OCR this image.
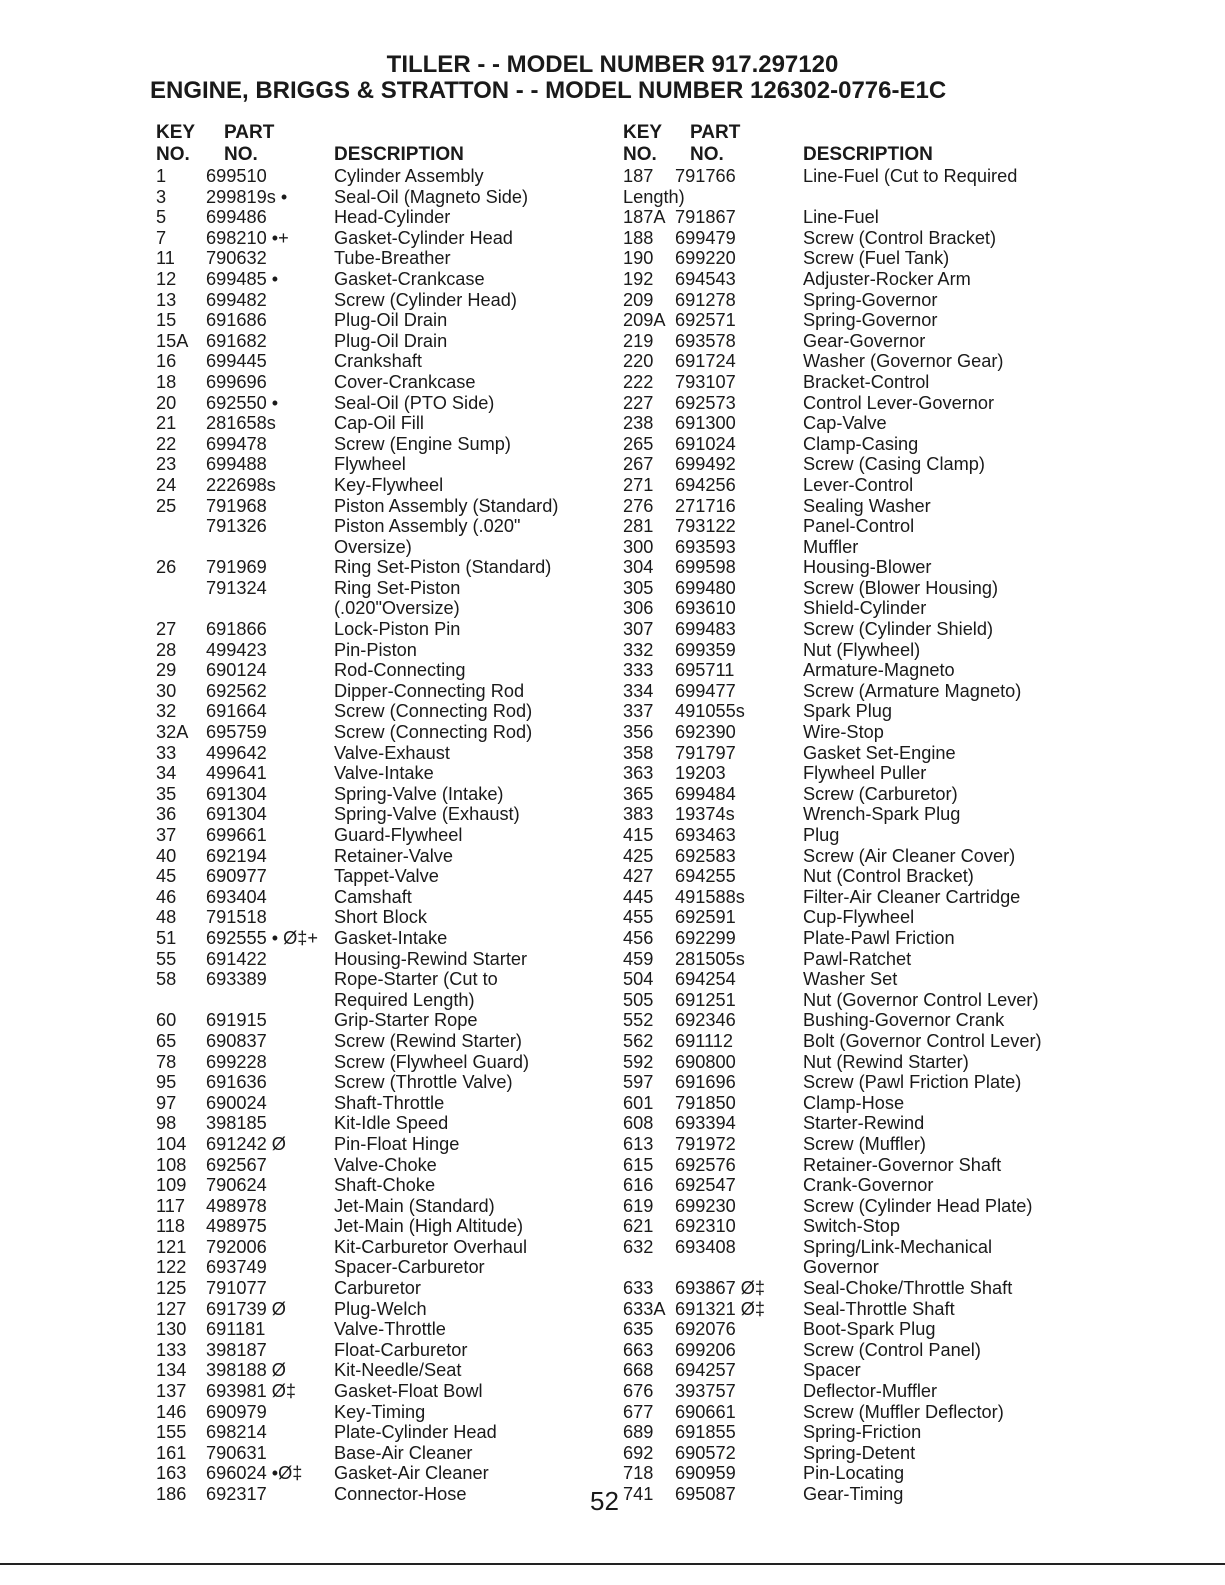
TILLER - - MODEL NUMBER 917.297120
ENGINE, BRIGGS & STRATTON - - MODEL NUMBER 126302-0776-E1C
KEY
NO.
PART
NO.	DESCRIPTION
1 699510	Cylinder Assembly
3 299819s •	Seal-Oil (Magneto Side)
5 699486	Head-Cylinder
7 698210 •+ Gasket-Cylinder Head
11 790632	Tube-Breather
12 699485 •	Gasket-Crankcase
13 699482	Screw (Cylinder Head)
15 691686	Plug-Oil Drain
15A 691682	Plug-Oil Drain
16 699445	Crankshaft
18 699696	Cover-Crankcase
20 692550 •	Seal-Oil (PTO Side)
21 281658s	Cap-Oil Fill
22 699478	Screw (Engine Sump)
23 699488	Flywheel
24 222698s	Key-Flywheel
25 791968	Piston Assembly (Standard)
791326	Piston Assembly (.020"
Oversize)
26 791969	Ring Set-Piston (Standard)
791324	Ring Set-Piston
(.020"Oversize)
27 691866	Lock-Piston Pin
28 499423	Pin-Piston
29 690124	Rod-Connecting
30 692562	Dipper-Connecting Rod
32 691664	Screw (Connecting Rod)
32A 695759	Screw (Connecting Rod)
33 499642	Valve-Exhaust
34 499641	Valve-Intake
35 691304	Spring-Valve (Intake)
36 691304	Spring-Valve (Exhaust)
37 699661	Guard-Flywheel
40 692194	Retainer-Valve
45 690977	Tappet-Valve
46 693404	Camshaft
48 791518	Short Block
51 692555 • Ø‡+ Gasket-Intake
55 691422	Housing-Rewind Starter
58 693389	Rope-Starter (Cut to
Required Length)
60 691915	Grip-Starter Rope
65 690837	Screw (Rewind Starter)
78 699228	Screw (Flywheel Guard)
95 691636	Screw (Throttle Valve)
97 690024	Shaft-Throttle
98 398185	Kit-Idle Speed
104 691242 Ø	Pin-Float Hinge
108 692567	Valve-Choke
109 790624	Shaft-Choke
117 498978	Jet-Main (Standard)
118 498975	Jet-Main (High Altitude)
121 792006	Kit-Carburetor Overhaul
122 693749	Spacer-Carburetor
125 791077	Carburetor
127 691739 Ø	Plug-Welch
130 691181	Valve-Throttle
133 398187	Float-Carburetor
134 398188 Ø	Kit-Needle/Seat
137 693981 Ø‡ Gasket-Float Bowl
146 690979	Key-Timing
155 698214	Plate-Cylinder Head
161 790631	Base-Air Cleaner
163 696024 •Ø‡ Gasket-Air Cleaner
186 692317	Connector-Hose
KEY
NO.
PART
NO.	DESCRIPTION
187 791766	Line-Fuel (Cut to Required
Length)
187A 791867	Line-Fuel
188 699479	Screw (Control Bracket)
190 699220	Screw (Fuel Tank)
192 694543	Adjuster-Rocker Arm
209 691278	Spring-Governor
209A 692571	Spring-Governor
219 693578	Gear-Governor
220 691724	Washer (Governor Gear)
222 793107	Bracket-Control
227 692573	Control Lever-Governor
238 691300	Cap-Valve
265 691024	Clamp-Casing
267 699492	Screw (Casing Clamp)
271 694256	Lever-Control
276 271716	Sealing Washer
281 793122	Panel-Control
300 693593	Muffler
304 699598	Housing-Blower
305 699480	Screw (Blower Housing)
306 693610	Shield-Cylinder
307 699483	Screw (Cylinder Shield)
332 699359	Nut (Flywheel)
333 695711	Armature-Magneto
334 699477	Screw (Armature Magneto)
337 491055s	Spark Plug
356 692390	Wire-Stop
358 791797	Gasket Set-Engine
363 19203	Flywheel Puller
365 699484	Screw (Carburetor)
383 19374s	Wrench-Spark Plug
415 693463	Plug
425 692583	Screw (Air Cleaner Cover)
427 694255	Nut (Control Bracket)
445 491588s	Filter-Air Cleaner Cartridge
455 692591	Cup-Flywheel
456 692299	Plate-Pawl Friction
459 281505s	Pawl-Ratchet
504 694254	Washer Set
505 691251	Nut (Governor Control Lever)
552 692346	Bushing-Governor Crank
562 691112	Bolt (Governor Control Lever)
592 690800	Nut (Rewind Starter)
597 691696	Screw (Pawl Friction Plate)
601 791850	Clamp-Hose
608 693394	Starter-Rewind
613 791972	Screw (Muffler)
615 692576	Retainer-Governor Shaft
616 692547	Crank-Governor
619 699230	Screw (Cylinder Head Plate)
621 692310	Switch-Stop
632 693408	Spring/Link-Mechanical
Governor
633 693867 Ø‡ Seal-Choke/Throttle Shaft
633A 691321 Ø‡ Seal-Throttle Shaft
635 692076	Boot-Spark Plug
663 699206	Screw (Control Panel)
668 694257	Spacer
676 393757	Deflector-Muffler
677 690661	Screw (Muffler Deflector)
689 691855	Spring-Friction
692 690572	Spring-Detent
718 690959	Pin-Locating
741 695087	Gear-Timing
52
